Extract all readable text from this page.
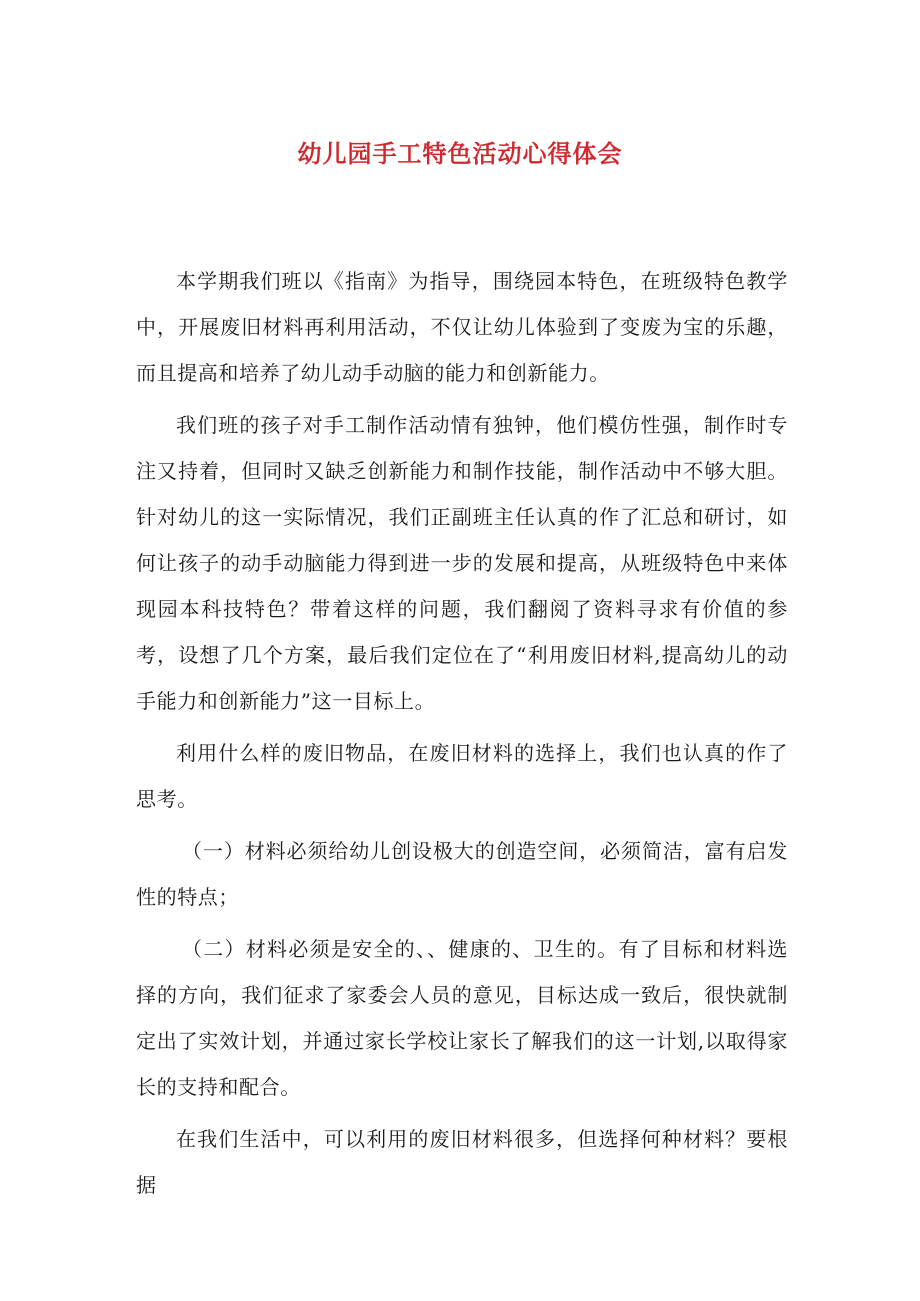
幼儿园手工特色活动心得体会

本学期我们班以《指南》为指导，围绕园本特色，在班级特色教学中，开展废旧材料再利用活动，不仅让幼儿体验到了变废为宝的乐趣，而且提高和培养了幼儿动手动脑的能力和创新能力。

我们班的孩子对手工制作活动情有独钟，他们模仿性强，制作时专注又持着，但同时又缺乏创新能力和制作技能，制作活动中不够大胆。针对幼儿的这一实际情况，我们正副班主任认真的作了汇总和研讨，如何让孩子的动手动脑能力得到进一步的发展和提高，从班级特色中来体现园本科技特色？带着这样的问题，我们翻阅了资料寻求有价值的参考，设想了几个方案，最后我们定位在了“利用废旧材料,提高幼儿的动手能力和创新能力”这一目标上。

利用什么样的废旧物品，在废旧材料的选择上，我们也认真的作了思考。

（一）材料必须给幼儿创设极大的创造空间，必须简洁，富有启发性的特点；

（二）材料必须是安全的、、健康的、卫生的。有了目标和材料选择的方向，我们征求了家委会人员的意见，目标达成一致后，很快就制定出了实效计划，并通过家长学校让家长了解我们的这一计划,以取得家长的支持和配合。

在我们生活中，可以利用的废旧材料很多，但选择何种材料？要根据
